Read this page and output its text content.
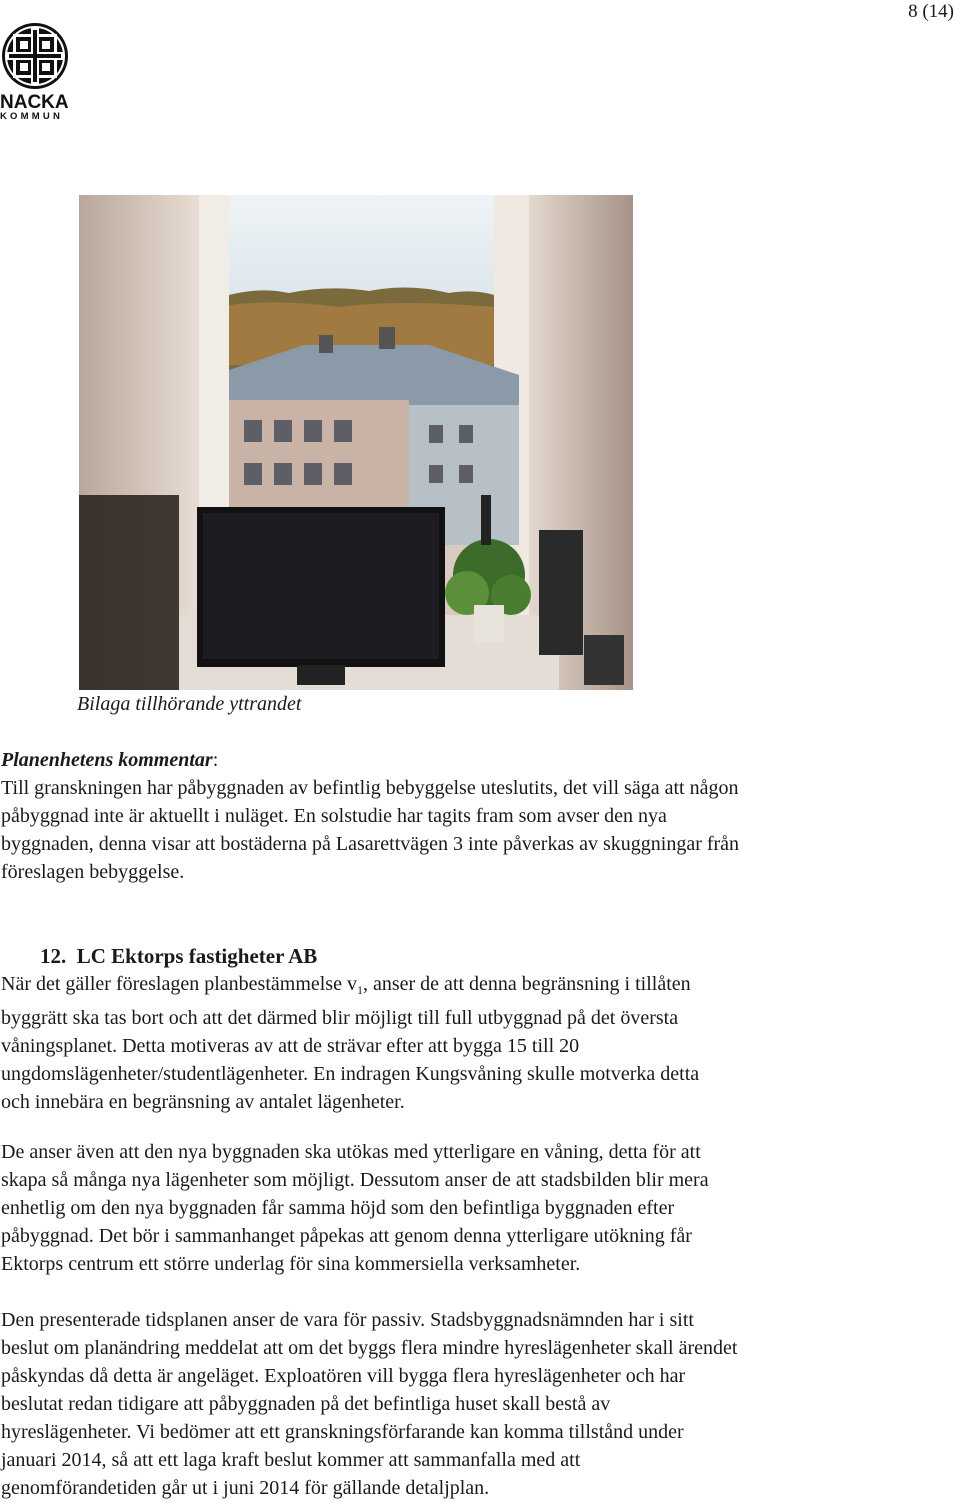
8 (14)
NACKA
KOMMUN
Bilaga tillhörande yttrandet
Planenhetens kommentar:
Till granskningen har påbyggnaden av befintlig bebyggelse uteslutits, det vill säga att någon
påbyggnad inte är aktuellt i nuläget. En solstudie har tagits fram som avser den nya
byggnaden, denna visar att bostäderna på Lasarettvägen 3 inte påverkas av skuggningar från
föreslagen bebyggelse.
12. LC Ektorps fastigheter AB
När det gäller föreslagen planbestämmelse $v_1$, anser de att denna begränsning i tillåten
byggrätt ska tas bort och att det därmed blir möjligt till full utbyggnad på det översta
våningsplanet. Detta motiveras av att de strävar efter att bygga 15 till 20
ungdomslägenheter/studentlägenheter. En indragen Kungsvåning skulle motverka detta
och innebära en begränsning av antalet lägenheter.
De anser även att den nya byggnaden ska utökas med ytterligare en våning, detta för att
skapa så många nya lägenheter som möjligt. Dessutom anser de att stadsbilden blir mera
enhetlig om den nya byggnaden får samma höjd som den befintliga byggnaden efter
påbyggnad. Det bör i sammanhanget påpekas att genom denna ytterligare utökning får
Ektorps centrum ett större underlag för sina kommersiella verksamheter.
Den presenterade tidsplanen anser de vara för passiv. Stadsbyggnadsnämnden har i sitt
beslut om planändring meddelat att om det byggs flera mindre hyreslägenheter skall ärendet
påskyndas då detta är angeläget. Exploatören vill bygga flera hyreslägenheter och har
beslutat redan tidigare att påbyggnaden på det befintliga huset skall bestå av
hyreslägenheter. Vi bedömer att ett granskningsförfarande kan komma tillstånd under
januari 2014, så att ett laga kraft beslut kommer att sammanfalla med att
genomförandetiden går ut i juni 2014 för gällande detaljplan.
